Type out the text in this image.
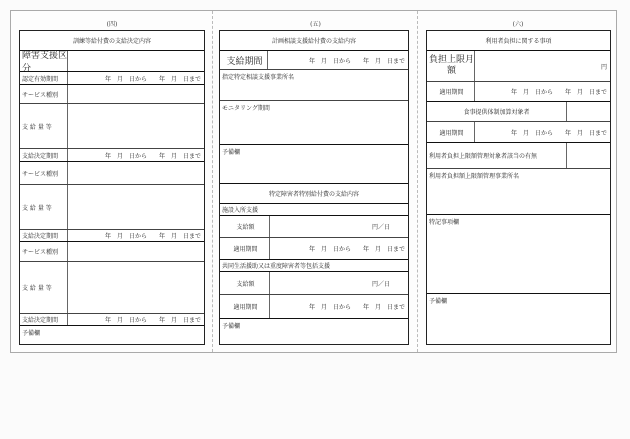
(四)
訓練等給付費の支給決定内容
障害支援区分
認定有効期間	年　月　日から　　年　月　日まで
サービス種別
支 給 量 等
支給決定期間	年　月　日から　　年　月　日まで
サービス種別
支 給 量 等
支給決定期間	年　月　日から　　年　月　日まで
サービス種別
支 給 量 等
支給決定期間	年　月　日から　　年　月　日まで
予備欄
(五)
計画相談支援給付費の支給内容
支給期間	年　月　日から　　年　月　日まで
指定特定相談支援事業所名
モニタリング期間
予備欄
特定障害者特別給付費の支給内容
施設入所支援
支給額	円／日
適用期間	年　月　日から　　年　月　日まで
共同生活援助又は重度障害者等包括支援
支給額	円／日
適用期間	年　月　日から　　年　月　日まで
予備欄
(六)
利用者負担に関する事項
負担上限月額	円
適用期間	年　月　日から　　年　月　日まで
食事提供体制加算対象者
適用期間	年　月　日から　　年　月　日まで
利用者負担上限額管理対象者該当の有無
利用者負担額上限額管理事業所名
特記事項欄
予備欄
